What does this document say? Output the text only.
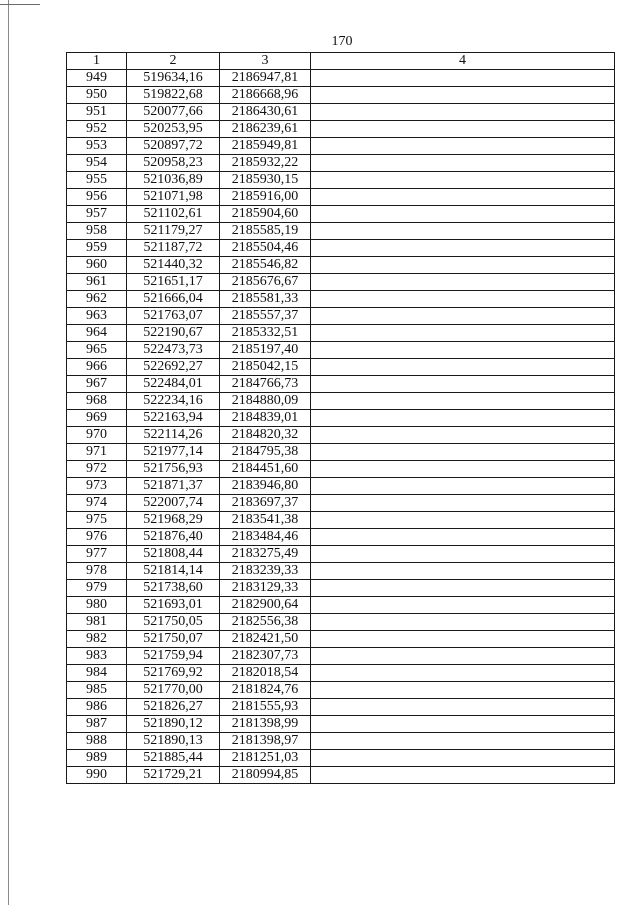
170
1	2	3	4
949	519634,16	2186947,81	
950	519822,68	2186668,96	
951	520077,66	2186430,61	
952	520253,95	2186239,61	
953	520897,72	2185949,81	
954	520958,23	2185932,22	
955	521036,89	2185930,15	
956	521071,98	2185916,00	
957	521102,61	2185904,60	
958	521179,27	2185585,19	
959	521187,72	2185504,46	
960	521440,32	2185546,82	
961	521651,17	2185676,67	
962	521666,04	2185581,33	
963	521763,07	2185557,37	
964	522190,67	2185332,51	
965	522473,73	2185197,40	
966	522692,27	2185042,15	
967	522484,01	2184766,73	
968	522234,16	2184880,09	
969	522163,94	2184839,01	
970	522114,26	2184820,32	
971	521977,14	2184795,38	
972	521756,93	2184451,60	
973	521871,37	2183946,80	
974	522007,74	2183697,37	
975	521968,29	2183541,38	
976	521876,40	2183484,46	
977	521808,44	2183275,49	
978	521814,14	2183239,33	
979	521738,60	2183129,33	
980	521693,01	2182900,64	
981	521750,05	2182556,38	
982	521750,07	2182421,50	
983	521759,94	2182307,73	
984	521769,92	2182018,54	
985	521770,00	2181824,76	
986	521826,27	2181555,93	
987	521890,12	2181398,99	
988	521890,13	2181398,97	
989	521885,44	2181251,03	
990	521729,21	2180994,85	
